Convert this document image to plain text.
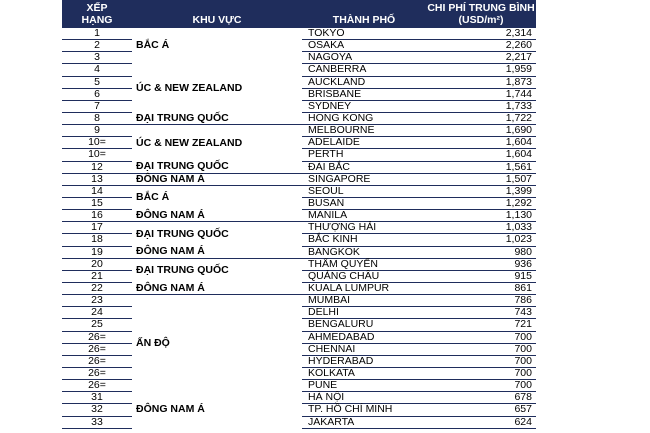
XẾP
HẠNG	KHU VỰC	THÀNH PHỐ	CHI PHÍ TRUNG BÌNH
(USD/m²)
1	BẮC Á	TOKYO	2,314
2		OSAKA	2,260
3		NAGOYA	2,217
4	ÚC & NEW ZEALAND	CANBERRA	1,959
5		AUCKLAND	1,873
6		BRISBANE	1,744
7		SYDNEY	1,733
8	ĐẠI TRUNG QUỐC	HONG KONG	1,722
9	ÚC & NEW ZEALAND	MELBOURNE	1,690
10=		ADELAIDE	1,604
10=		PERTH	1,604
12	ĐẠI TRUNG QUỐC	ĐÀI BẮC	1,561
13	ĐÔNG NAM Á	SINGAPORE	1,507
14	BẮC Á	SEOUL	1,399
15		BUSAN	1,292
16	ĐÔNG NAM Á	MANILA	1,130
17	ĐẠI TRUNG QUỐC	THƯỢNG HẢI	1,033
18		BẮC KINH	1,023
19	ĐÔNG NAM Á	BANGKOK	980
20	ĐẠI TRUNG QUỐC	THẨM QUYẾN	936
21		QUẢNG CHÂU	915
22	ĐÔNG NAM Á	KUALA LUMPUR	861
23	ẤN ĐỘ	MUMBAI	786
24		DELHI	743
25		BENGALURU	721
26=		AHMEDABAD	700
26=		CHENNAI	700
26=		HYDERABAD	700
26=		KOLKATA	700
26=		PUNE	700
31	ĐÔNG NAM Á	HÀ NỘI	678
32		TP. HỒ CHÍ MINH	657
33		JAKARTA	624
